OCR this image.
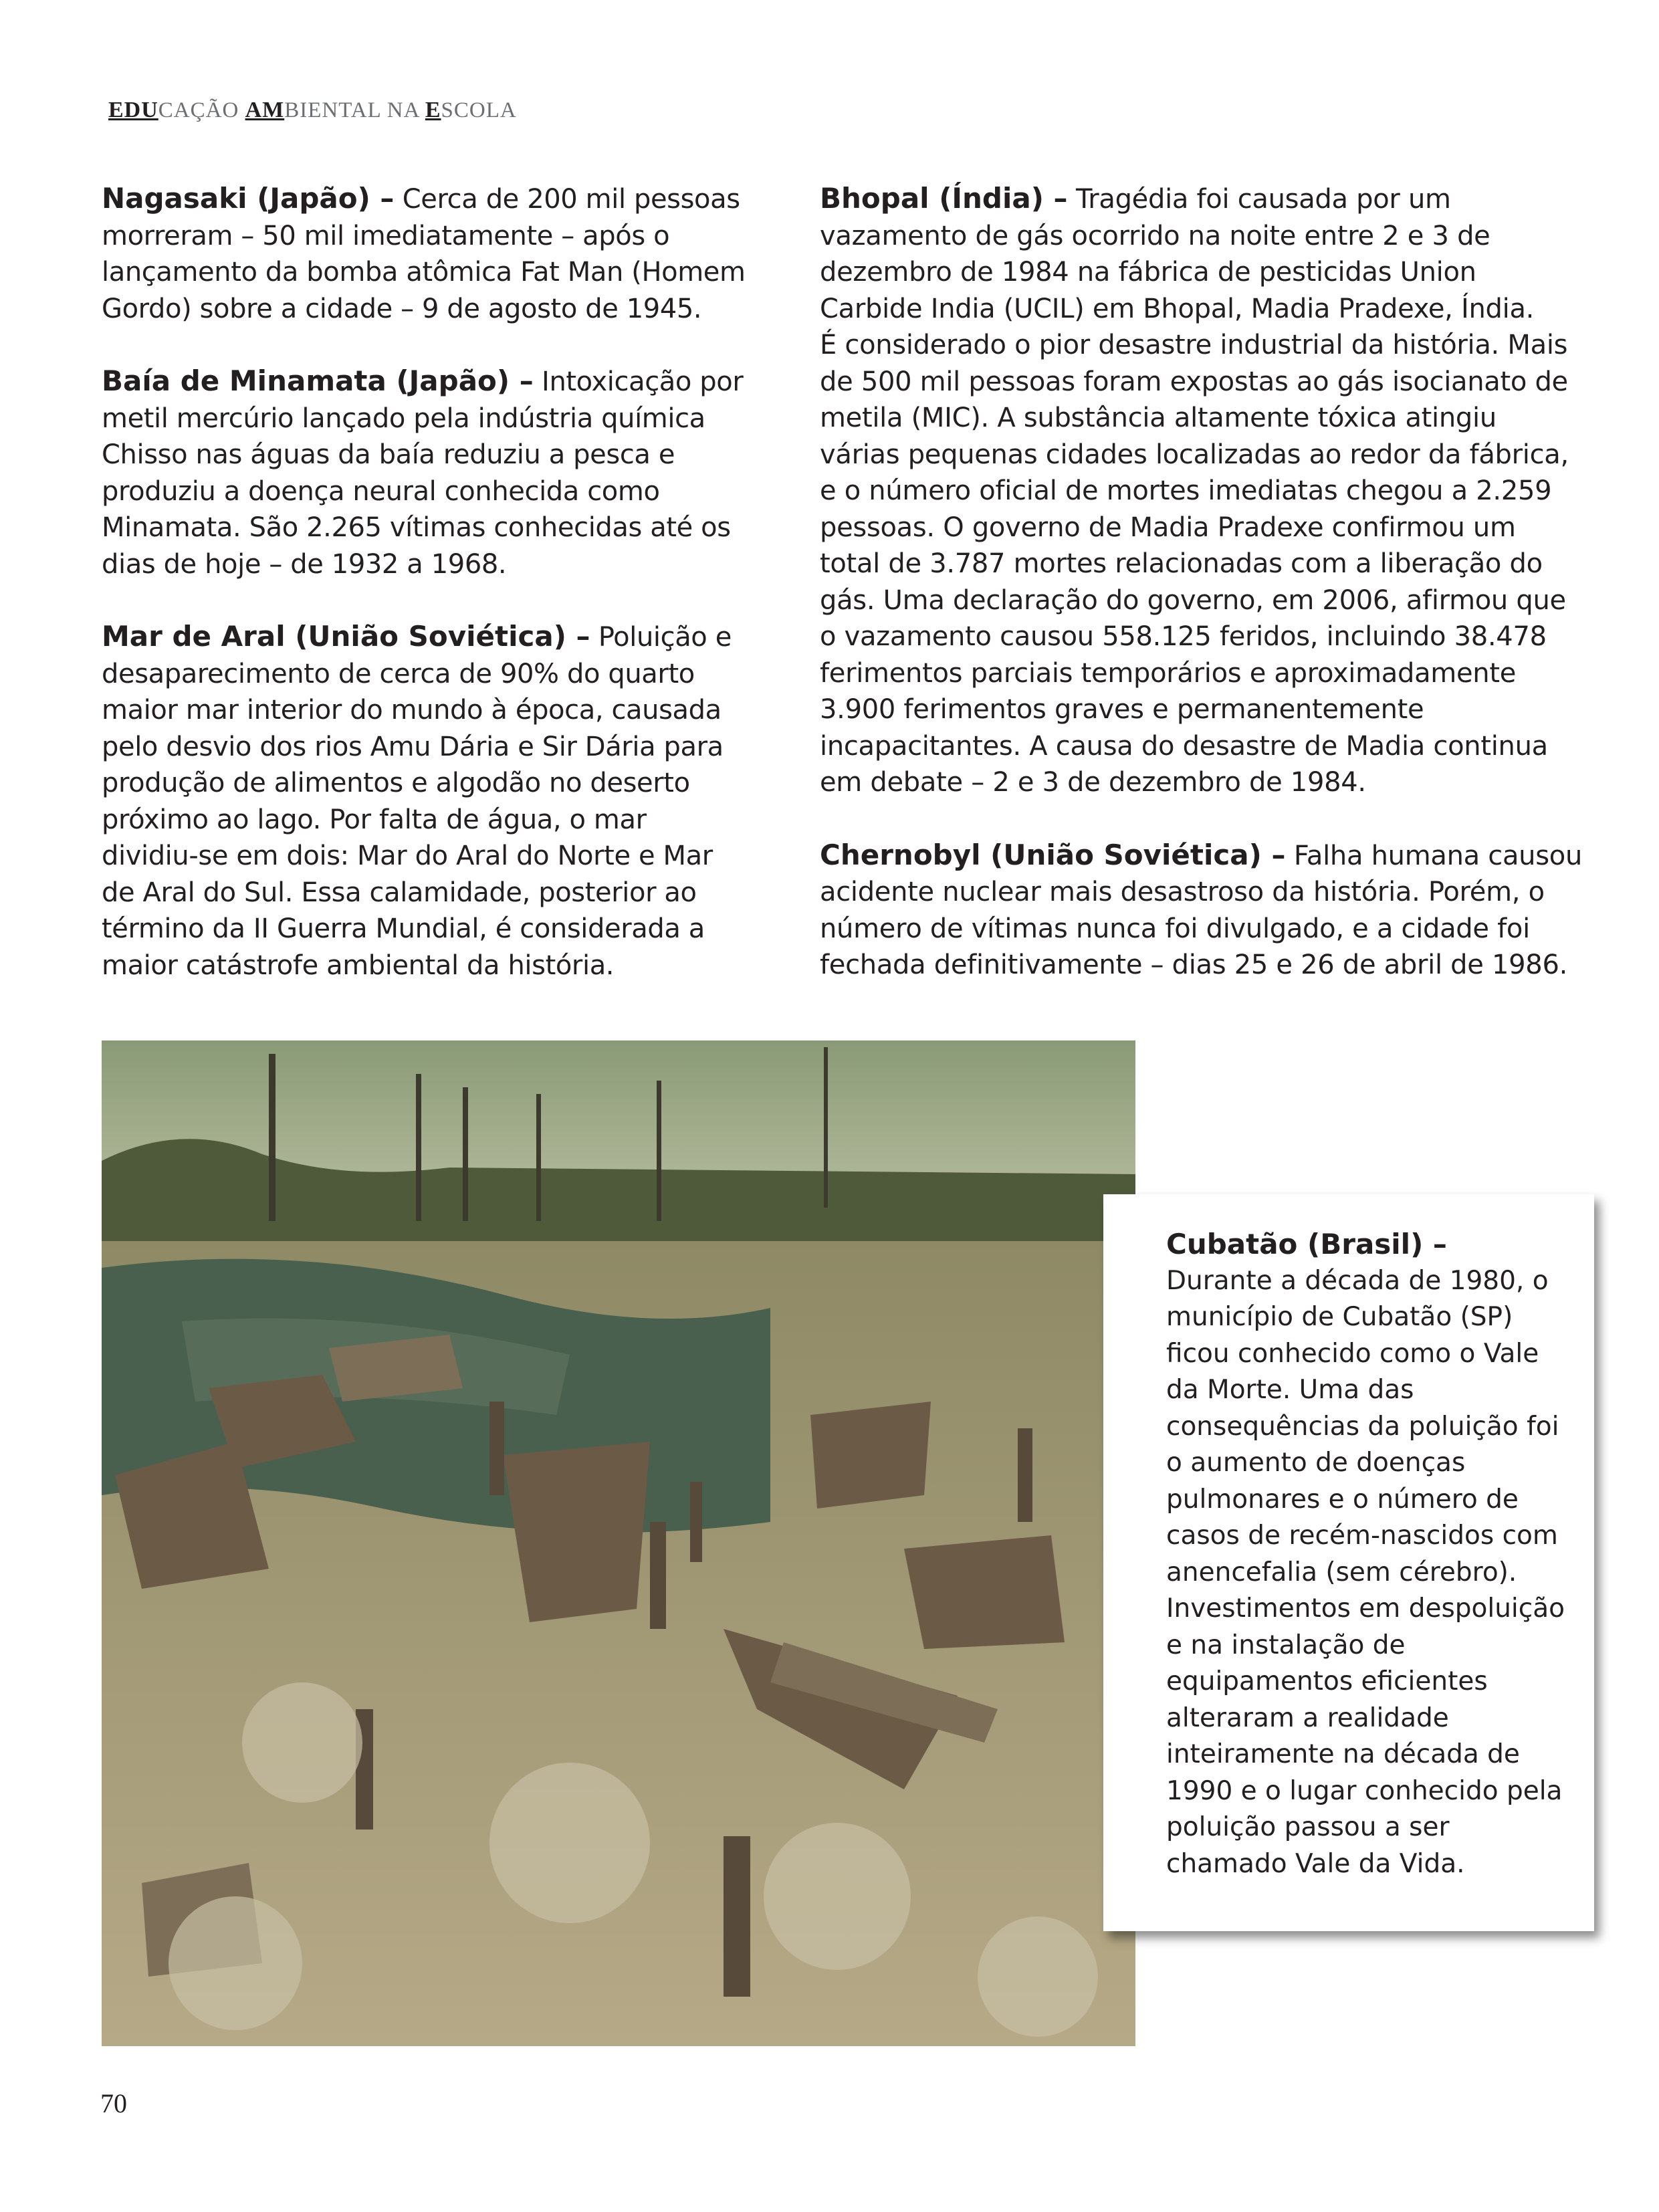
EDUCAÇÃO AMBIENTAL NA ESCOLA

Nagasaki (Japão) – Cerca de 200 mil pessoas morreram – 50 mil imediatamente – após o lançamento da bomba atômica Fat Man (Homem Gordo) sobre a cidade – 9 de agosto de 1945.

Baía de Minamata (Japão) – Intoxicação por metil mercúrio lançado pela indústria química Chisso nas águas da baía reduziu a pesca e produziu a doença neural conhecida como Minamata. São 2.265 vítimas conhecidas até os dias de hoje – de 1932 a 1968.

Mar de Aral (União Soviética) – Poluição e desaparecimento de cerca de 90% do quarto maior mar interior do mundo à época, causada pelo desvio dos rios Amu Dária e Sir Dária para produção de alimentos e algodão no deserto próximo ao lago. Por falta de água, o mar dividiu-se em dois: Mar do Aral do Norte e Mar de Aral do Sul. Essa calamidade, posterior ao término da II Guerra Mundial, é considerada a maior catástrofe ambiental da história.

Bhopal (Índia) – Tragédia foi causada por um vazamento de gás ocorrido na noite entre 2 e 3 de dezembro de 1984 na fábrica de pesticidas Union Carbide India (UCIL) em Bhopal, Madia Pradexe, Índia.

É considerado o pior desastre industrial da história. Mais de 500 mil pessoas foram expostas ao gás isocianato de metila (MIC). A substância altamente tóxica atingiu várias pequenas cidades localizadas ao redor da fábrica, e o número oficial de mortes imediatas chegou a 2.259 pessoas. O governo de Madia Pradexe confirmou um total de 3.787 mortes relacionadas com a liberação do gás. Uma declaração do governo, em 2006, afirmou que o vazamento causou 558.125 feridos, incluindo 38.478 ferimentos parciais temporários e aproximadamente 3.900 ferimentos graves e permanentemente incapacitantes. A causa do desastre de Madia continua em debate – 2 e 3 de dezembro de 1984.

Chernobyl (União Soviética) – Falha humana causou acidente nuclear mais desastroso da história. Porém, o número de vítimas nunca foi divulgado, e a cidade foi fechada definitivamente – dias 25 e 26 de abril de 1986.

Cubatão (Brasil) –
Durante a década de 1980, o município de Cubatão (SP) ficou conhecido como o Vale da Morte. Uma das consequências da poluição foi o aumento de doenças pulmonares e o número de casos de recém-nascidos com anencefalia (sem cérebro). Investimentos em despoluição e na instalação de equipamentos eficientes alteraram a realidade inteiramente na década de 1990 e o lugar conhecido pela poluição passou a ser chamado Vale da Vida.
70
